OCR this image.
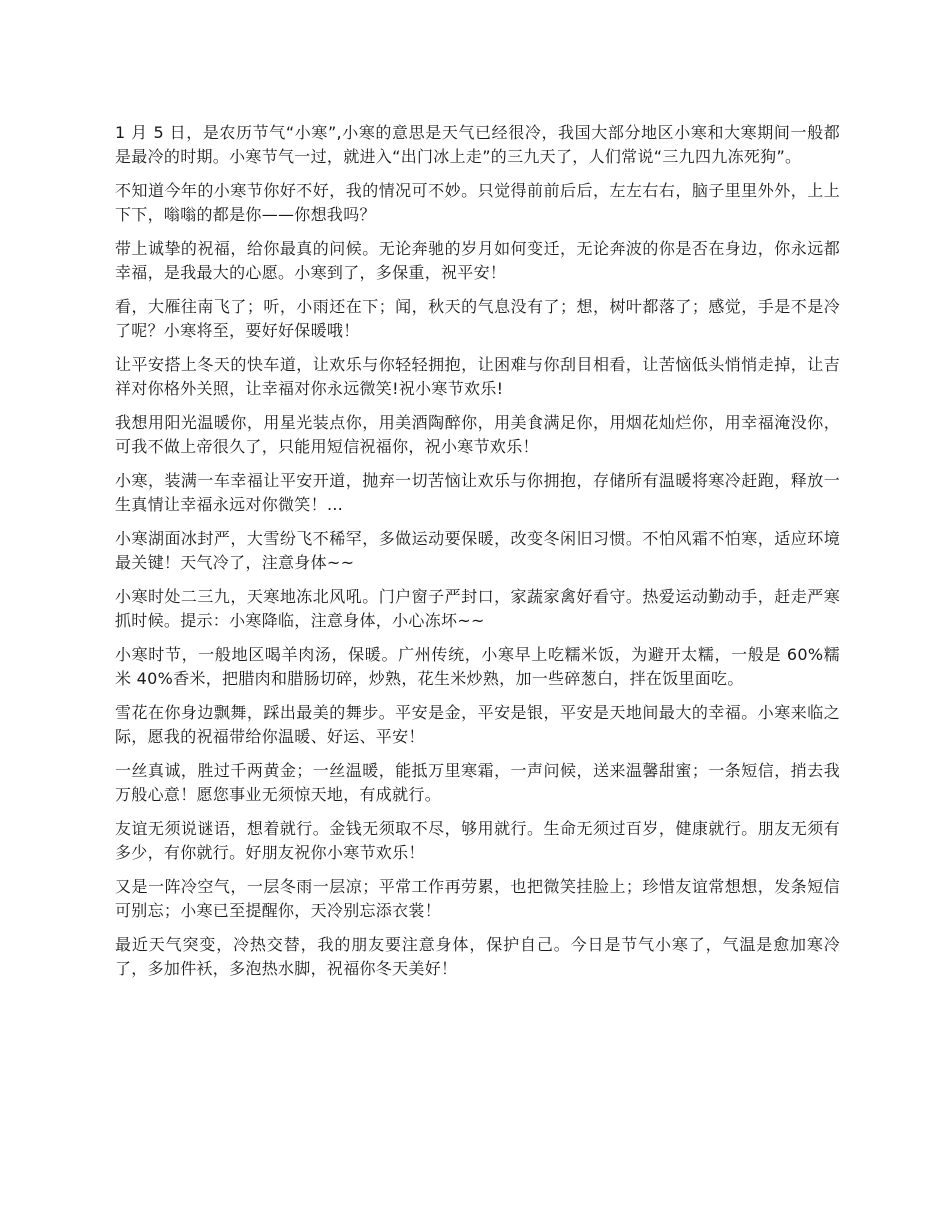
1 月 5 日，是农历节气“小寒”,小寒的意思是天气已经很冷，我国大部分地区小寒和大寒期间一般都是最冷的时期。小寒节气一过，就进入“出门冰上走”的三九天了，人们常说“三九四九冻死狗”。

不知道今年的小寒节你好不好，我的情况可不妙。只觉得前前后后，左左右右，脑子里里外外，上上下下，嗡嗡的都是你——你想我吗？

带上诚挚的祝福，给你最真的问候。无论奔驰的岁月如何变迁，无论奔波的你是否在身边，你永远都幸福，是我最大的心愿。小寒到了，多保重，祝平安！

看，大雁往南飞了；听，小雨还在下；闻，秋天的气息没有了；想，树叶都落了；感觉，手是不是冷了呢？小寒将至，要好好保暖哦！

让平安搭上冬天的快车道，让欢乐与你轻轻拥抱，让困难与你刮目相看，让苦恼低头悄悄走掉，让吉祥对你格外关照，让幸福对你永远微笑!祝小寒节欢乐!

我想用阳光温暖你，用星光装点你，用美酒陶醉你，用美食满足你，用烟花灿烂你，用幸福淹没你，可我不做上帝很久了，只能用短信祝福你，祝小寒节欢乐！

小寒，装满一车幸福让平安开道，抛弃一切苦恼让欢乐与你拥抱，存储所有温暖将寒冷赶跑，释放一生真情让幸福永远对你微笑！…

小寒湖面冰封严，大雪纷飞不稀罕，多做运动要保暖，改变冬闲旧习惯。不怕风霜不怕寒，适应环境最关键！天气冷了，注意身体~~

小寒时处二三九，天寒地冻北风吼。门户窗子严封口，家蔬家禽好看守。热爱运动勤动手，赶走严寒抓时候。提示：小寒降临，注意身体，小心冻坏~~

小寒时节，一般地区喝羊肉汤，保暖。广州传统，小寒早上吃糯米饭，为避开太糯，一般是 60%糯米 40%香米，把腊肉和腊肠切碎，炒熟，花生米炒熟，加一些碎葱白，拌在饭里面吃。

雪花在你身边飘舞，踩出最美的舞步。平安是金，平安是银，平安是天地间最大的幸福。小寒来临之际，愿我的祝福带给你温暖、好运、平安！

一丝真诚，胜过千两黄金；一丝温暖，能抵万里寒霜，一声问候，送来温馨甜蜜；一条短信，捎去我万般心意！愿您事业无须惊天地，有成就行。

友谊无须说谜语，想着就行。金钱无须取不尽，够用就行。生命无须过百岁，健康就行。朋友无须有多少，有你就行。好朋友祝你小寒节欢乐！

又是一阵冷空气，一层冬雨一层凉；平常工作再劳累，也把微笑挂脸上；珍惜友谊常想想，发条短信可别忘；小寒已至提醒你，天冷别忘添衣裳！

最近天气突变，冷热交替，我的朋友要注意身体，保护自己。今日是节气小寒了，气温是愈加寒冷了，多加件袄，多泡热水脚，祝福你冬天美好！
